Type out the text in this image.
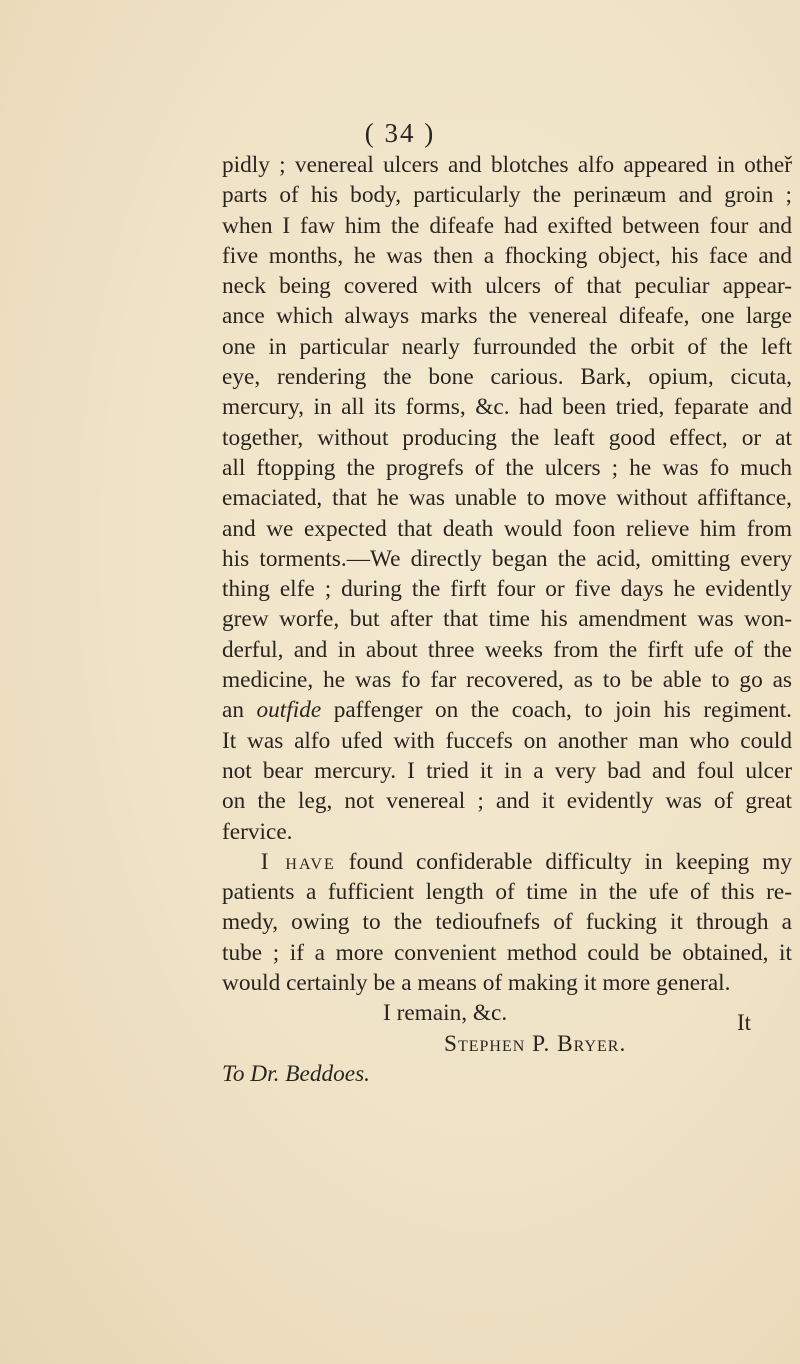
( 34 )
pidly ; venereal ulcers and blotches alfo appeared in otheř
parts of his body, particularly the perinæum and groin ;
when I faw him the difeafe had exifted between four and
five months, he was then a fhocking object, his face and
neck being covered with ulcers of that peculiar appear-
ance which always marks the venereal difeafe, one large
one in particular nearly furrounded the orbit of the left
eye, rendering the bone carious. Bark, opium, cicuta,
mercury, in all its forms, &c. had been tried, feparate and
together, without producing the leaft good effect, or at
all ftopping the progrefs of the ulcers ; he was fo much
emaciated, that he was unable to move without affiftance,
and we expected that death would foon relieve him from
his torments.—We directly began the acid, omitting every
thing elfe ; during the firft four or five days he evidently
grew worfe, but after that time his amendment was won-
derful, and in about three weeks from the firft ufe of the
medicine, he was fo far recovered, as to be able to go as
an outfide paffenger on the coach, to join his regiment.
It was alfo ufed with fuccefs on another man who could
not bear mercury. I tried it in a very bad and foul ulcer
on the leg, not venereal ; and it evidently was of great
fervice.
I have found confiderable difficulty in keeping my
patients a fufficient length of time in the ufe of this re-
medy, owing to the tedioufnefs of fucking it through a
tube ; if a more convenient method could be obtained, it
would certainly be a means of making it more general.
I remain, &c.
Stephen P. Bryer.
To Dr. Beddoes.
It
